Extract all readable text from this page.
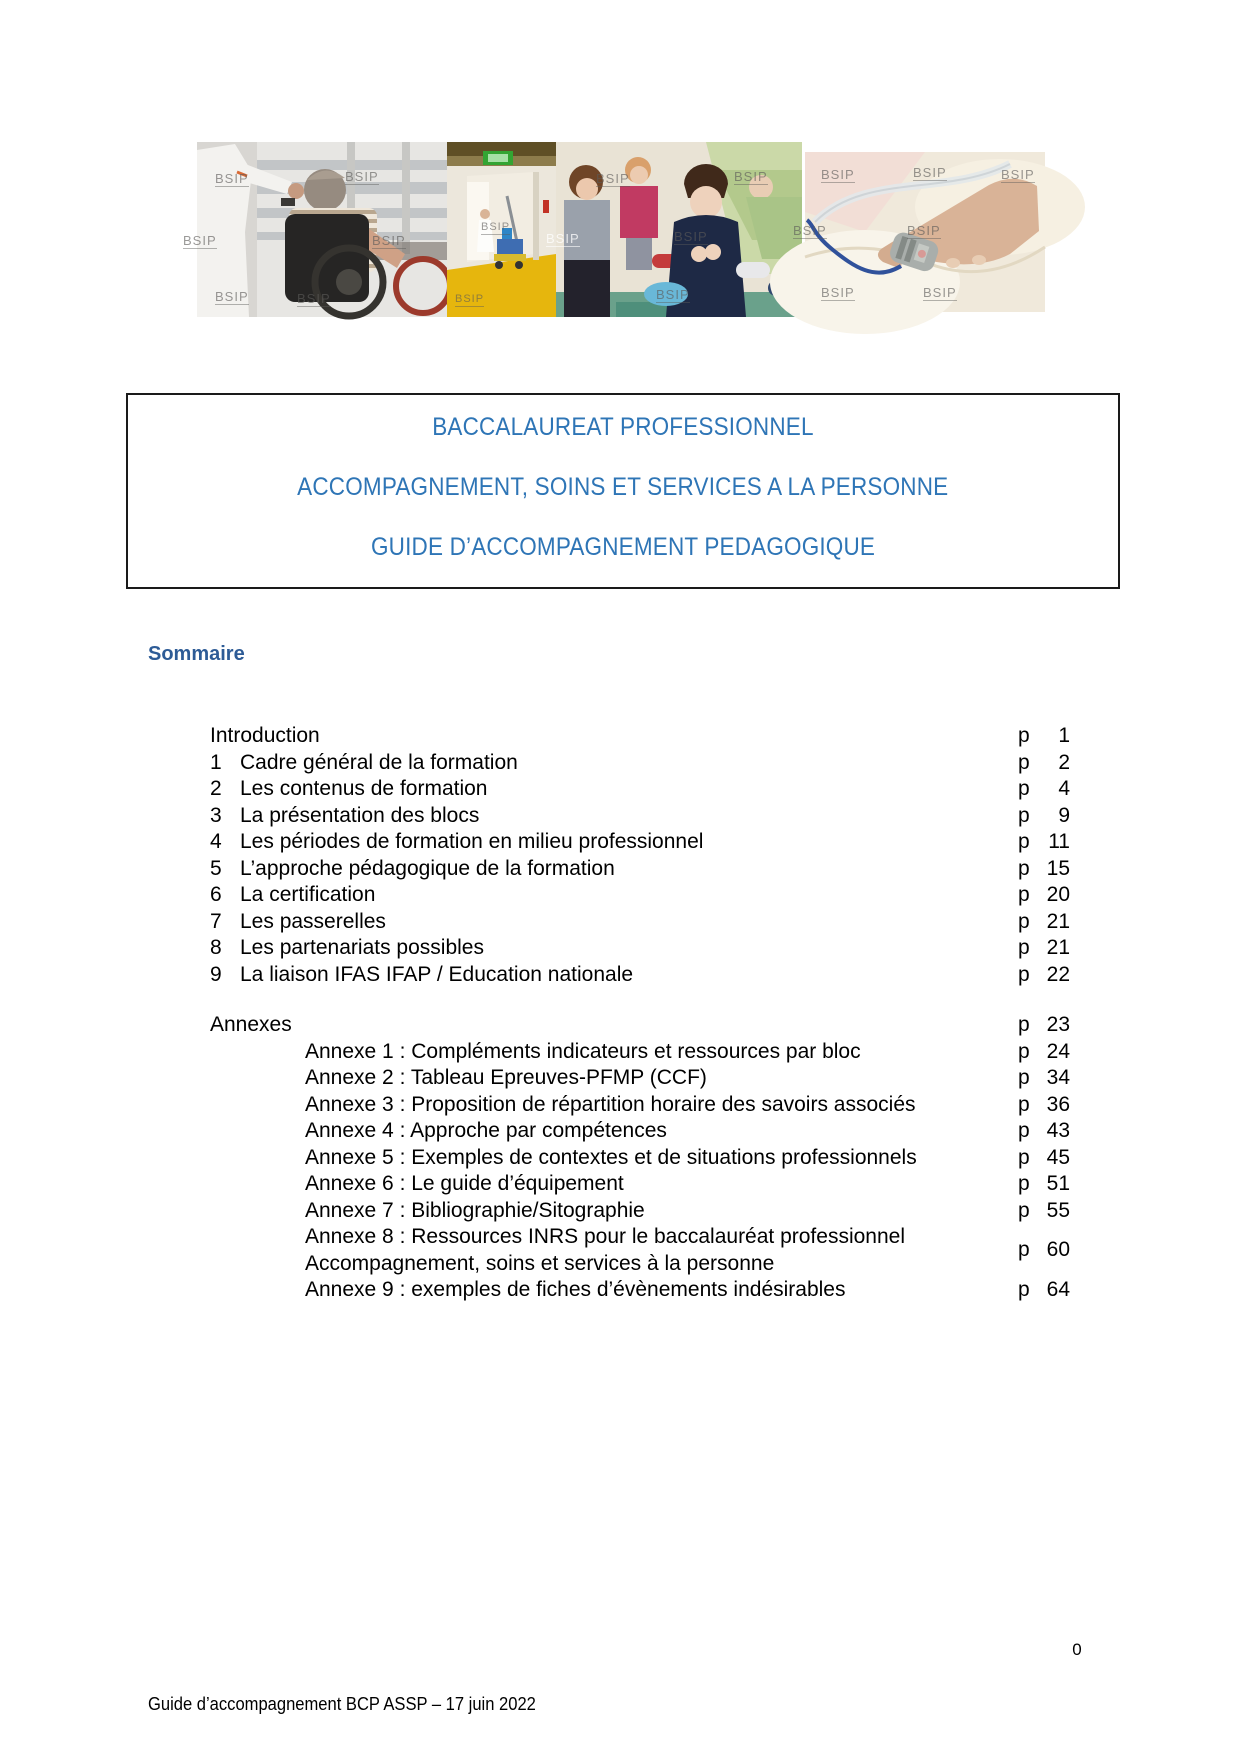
BSIP	BSIP
BSIP	BSIP
BSIP	BSIP
BSIP
BSIP
BSIP	BSIP
BSIP	BSIP
BSIP
BSIP	BSIP	BSIP
BSIP	BSIP
BSIP	BSIP
BACCALAUREAT PROFESSIONNEL
ACCOMPAGNEMENT, SOINS ET SERVICES A LA PERSONNE
GUIDE D’ACCOMPAGNEMENT PEDAGOGIQUE
Sommaire
Introduction	p	1
1 Cadre général de la formation	p	2
2 Les contenus de formation	p	4
3 La présentation des blocs	p	9
4 Les périodes de formation en milieu professionnel	p 11
5 L’approche pédagogique de la formation	p 15
6 La certification	p 20
7 Les passerelles	p 21
8 Les partenariats possibles	p 21
9 La liaison IFAS IFAP / Education nationale	p 22
Annexes	p 23
Annexe 1 : Compléments indicateurs et ressources par bloc	p 24
Annexe 2 : Tableau Epreuves-PFMP (CCF)	p 34
Annexe 3 : Proposition de répartition horaire des savoirs associés	p 36
Annexe 4 : Approche par compétences	p 43
Annexe 5 : Exemples de contextes et de situations professionnels	p 45
Annexe 6 : Le guide d’équipement	p 51
Annexe 7 : Bibliographie/Sitographie	p 55
Annexe 8 : Ressources INRS pour le baccalauréat professionnel
Accompagnement, soins et services à la personne
p 60
Annexe 9 : exemples de fiches d’évènements indésirables	p 64
0
Guide d’accompagnement BCP ASSP – 17 juin 2022
